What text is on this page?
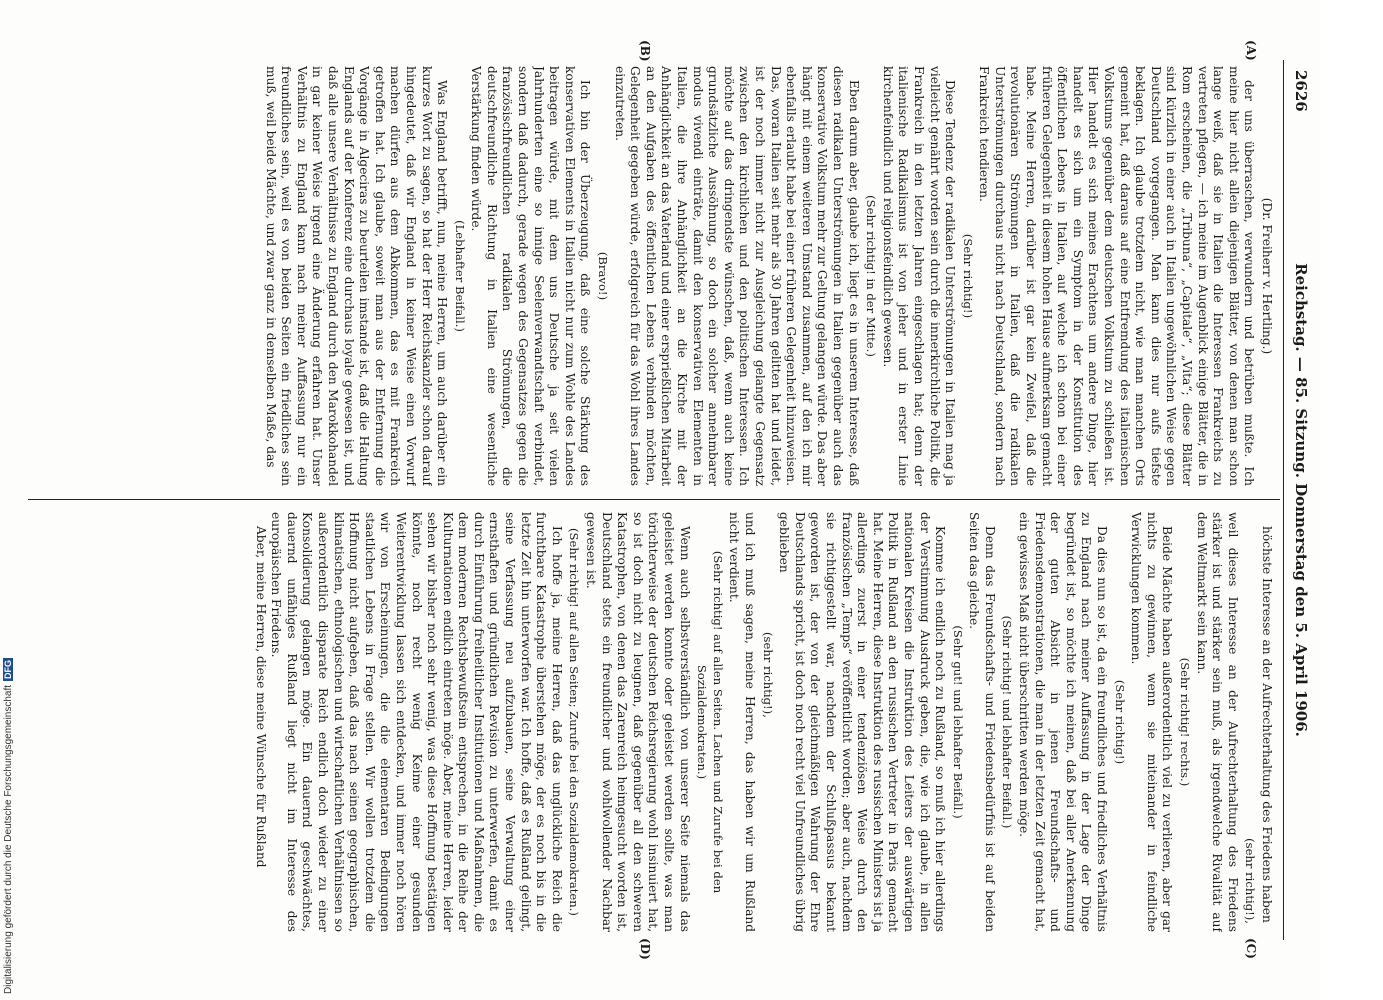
2626
Reichstag. — 85. Sitzung. Donnerstag den 5. April 1906.
(A)
(B)
(C)
(D)
(Dr. Freiherr v. Hertling.)
der uns überraschen, verwundern und betrüben mußte. Ich meine hier nicht allein diejenigen Blätter, von denen man schon lange weiß, daß sie in Italien die Interessen Frankreichs zu vertreten pflegen, — ich meine im Augenblick einige Blätter, die in Rom erscheinen, die „Tribuna“, „Capitale“, „Vita“; diese Blätter sind kürzlich in einer auch in Italien ungewöhnlichen Weise gegen Deutschland vorgegangen. Man kann dies nur aufs tiefste beklagen. Ich glaube trotzdem nicht, wie man manchen Orts gemeint hat, daß daraus auf eine Entfremdung des italienischen Volkstums gegenüber dem deutschen Volkstum zu schließen ist. Hier handelt es sich meines Erachtens um andere Dinge, hier handelt es sich um ein Symptom in der Konstitution des öffentlichen Lebens in Italien, auf welche ich schon bei einer früheren Gelegenheit in diesem hohen Hause aufmerksam gemacht habe. Meine Herren, darüber ist gar kein Zweifel, daß die revolutionären Strömungen in Italien, daß die radikalen Unterströmungen durchaus nicht nach Deutschland, sondern nach Frankreich tendieren.
(Sehr richtig!)
Diese Tendenz der radikalen Unterströmungen in Italien mag ja vielleicht genährt worden sein durch die innerkirchliche Politik, die Frankreich in den letzten Jahren eingeschlagen hat; denn der italienische Radikalismus ist von jeher und in erster Linie kirchenfeindlich und religionsfeindlich gewesen.
(Sehr richtig! in der Mitte.)
Eben darum aber, glaube ich, liegt es in unserem Interesse, daß diesen radikalen Unterströmungen in Italien gegenüber auch das konservative Volkstum mehr zur Geltung gelangen würde. Das aber hängt mit einem weiteren Umstand zusammen, auf den ich mir ebenfalls erlaubt habe bei einer früheren Gelegenheit hinzuweisen. Das, woran Italien seit mehr als 30 Jahren gelitten hat und leidet, ist der noch immer nicht zur Ausgleichung gelangte Gegensatz zwischen den kirchlichen und den politischen Interessen. Ich möchte auf das dringendste wünschen, daß, wenn auch keine grundsätzliche Aussöhnung, so doch ein solcher annehmbarer modus vivendi einträte, damit den konservativen Elementen in Italien, die ihre Anhänglichkeit an die Kirche mit der Anhänglichkeit an das Vaterland und einer ersprießlichen Mitarbeit an den Aufgaben des öffentlichen Lebens verbinden möchten, Gelegenheit gegeben würde, erfolgreich für das Wohl ihres Landes einzutreten.
(Bravo!)
Ich bin der Überzeugung, daß eine solche Stärkung des konservativen Elements in Italien nicht nur zum Wohle des Landes beitragen würde, mit dem uns Deutsche ja seit vielen Jahrhunderten eine so innige Seelenverwandtschaft verbindet, sondern daß dadurch, gerade wegen des Gegensatzes gegen die französischfreundlichen radikalen Strömungen, die deutschfreundliche Richtung in Italien eine wesentliche Verstärkung finden würde.
(Lebhafter Beifall.)
Was England betrifft, nun, meine Herren, um auch darüber ein kurzes Wort zu sagen, so hat der Herr Reichskanzler schon darauf hingedeutet, daß wir England in keiner Weise einen Vorwurf machen dürfen aus dem Abkommen, das es mit Frankreich getroffen hat. Ich glaube, soweit man aus der Entfernung die Vorgänge in Algeciras zu beurteilen imstande ist, daß die Haltung Englands auf der Konferenz eine durchaus loyale gewesen ist, und daß alle unsere Verhältnisse zu England durch den Marokkohandel in gar keiner Weise irgend eine Änderung erfahren hat. Unser Verhältnis zu England kann nach meiner Auffassung nur ein freundliches sein, weil es von beiden Seiten ein friedliches sein muß, weil beide Mächte, und zwar ganz in demselben Maße, das
höchste Interesse an der Aufrechterhaltung des Friedens haben
(sehr richtig!),
weil dieses Interesse an der Aufrechterhaltung des Friedens stärker ist und stärker sein muß, als irgendwelche Rivalität auf dem Weltmarkt sein kann.
(Sehr richtig! rechts.)
Beide Mächte haben außerordentlich viel zu verlieren, aber gar nichts zu gewinnen, wenn sie miteinander in feindliche Verwicklungen kommen.
(Sehr richtig!)
Da dies nun so ist, da ein freundliches und friedliches Verhältnis zu England nach meiner Auffassung in der Lage der Dinge begründet ist, so möchte ich meinen, daß bei aller Anerkennung der guten Absicht in jenen Freundschafts- und Friedensdemonstrationen, die man in der letzten Zeit gemacht hat, ein gewisses Maß nicht überschritten werden möge.
(Sehr richtig! und lebhafter Beifall.)
Denn das Freundschafts- und Friedensbedürfnis ist auf beiden Seiten das gleiche.
(Sehr gut! und lebhafter Beifall.)
Komme ich endlich noch zu Rußland, so muß ich hier allerdings der Verstimmung Ausdruck geben, die, wie ich glaube, in allen nationalen Kreisen die Instruktion des Leiters der auswärtigen Politik in Rußland an den russischen Vertreter in Paris gemacht hat. Meine Herren, diese Instruktion des russischen Ministers ist ja allerdings zuerst in einer tendenziösen Weise durch den französischen „Temps“ veröffentlicht worden; aber auch, nachdem sie richtiggestellt war, nachdem der Schlußpassus bekannt geworden ist, der von der gleichmäßigen Wahrung der Ehre Deutschlands spricht, ist doch noch recht viel Unfreundliches übrig geblieben
(sehr richtig!),
und ich muß sagen, meine Herren, das haben wir um Rußland nicht verdient.
(Sehr richtig! auf allen Seiten. Lachen und Zurufe bei den Sozialdemokraten.)
Wenn auch selbstverständlich von unserer Seite niemals das geleistet werden konnte oder geleistet werden sollte, was man törichterweise der deutschen Reichsregierung wohl insinuiert hat, so ist doch nicht zu leugnen, daß gegenüber all den schweren Katastrophen, von denen das Zarenreich heimgesucht worden ist, Deutschland stets ein freundlicher und wohlwollender Nachbar gewesen ist.
(Sehr richtig! auf allen Seiten; Zurufe bei den Sozialdemokraten.)
Ich hoffe ja, meine Herren, daß das unglückliche Reich die furchtbare Katastrophe überstehen möge, der es noch bis in die letzte Zeit hin unterworfen war. Ich hoffe, daß es Rußland gelingt, seine Verfassung neu aufzubauen, seine Verwaltung einer ernsthaften und gründlichen Revision zu unterwerfen, damit es durch Einführung freiheitlicher Institutionen und Maßnahmen, die dem modernen Rechtsbewußtsein entsprechen, in die Reihe der Kulturnationen endlich eintreten möge. Aber, meine Herren, leider sehen wir bisher noch sehr wenig, was diese Hoffnung bestätigen könnte, noch recht wenig Keime einer gesunden Weiterentwicklung lassen sich entdecken, und immer noch hören wir von Erscheinungen, die die elementaren Bedingungen staatlichen Lebens in Frage stellen. Wir wollen trotzdem die Hoffnung nicht aufgeben, daß das nach seinen geographischen, klimatischen, ethnologischen und wirtschaftlichen Verhältnissen so außerordentlich disparate Reich endlich doch wieder zu einer Konsolidierung gelangen möge. Ein dauernd geschwächtes, dauernd unfähiges Rußland liegt nicht im Interesse des europäischen Friedens.
Aber, meine Herren, diese meine Wünsche für Rußland
Digitalisierung gefördert durch die Deutsche ForschungsgemeinschaftDFG
